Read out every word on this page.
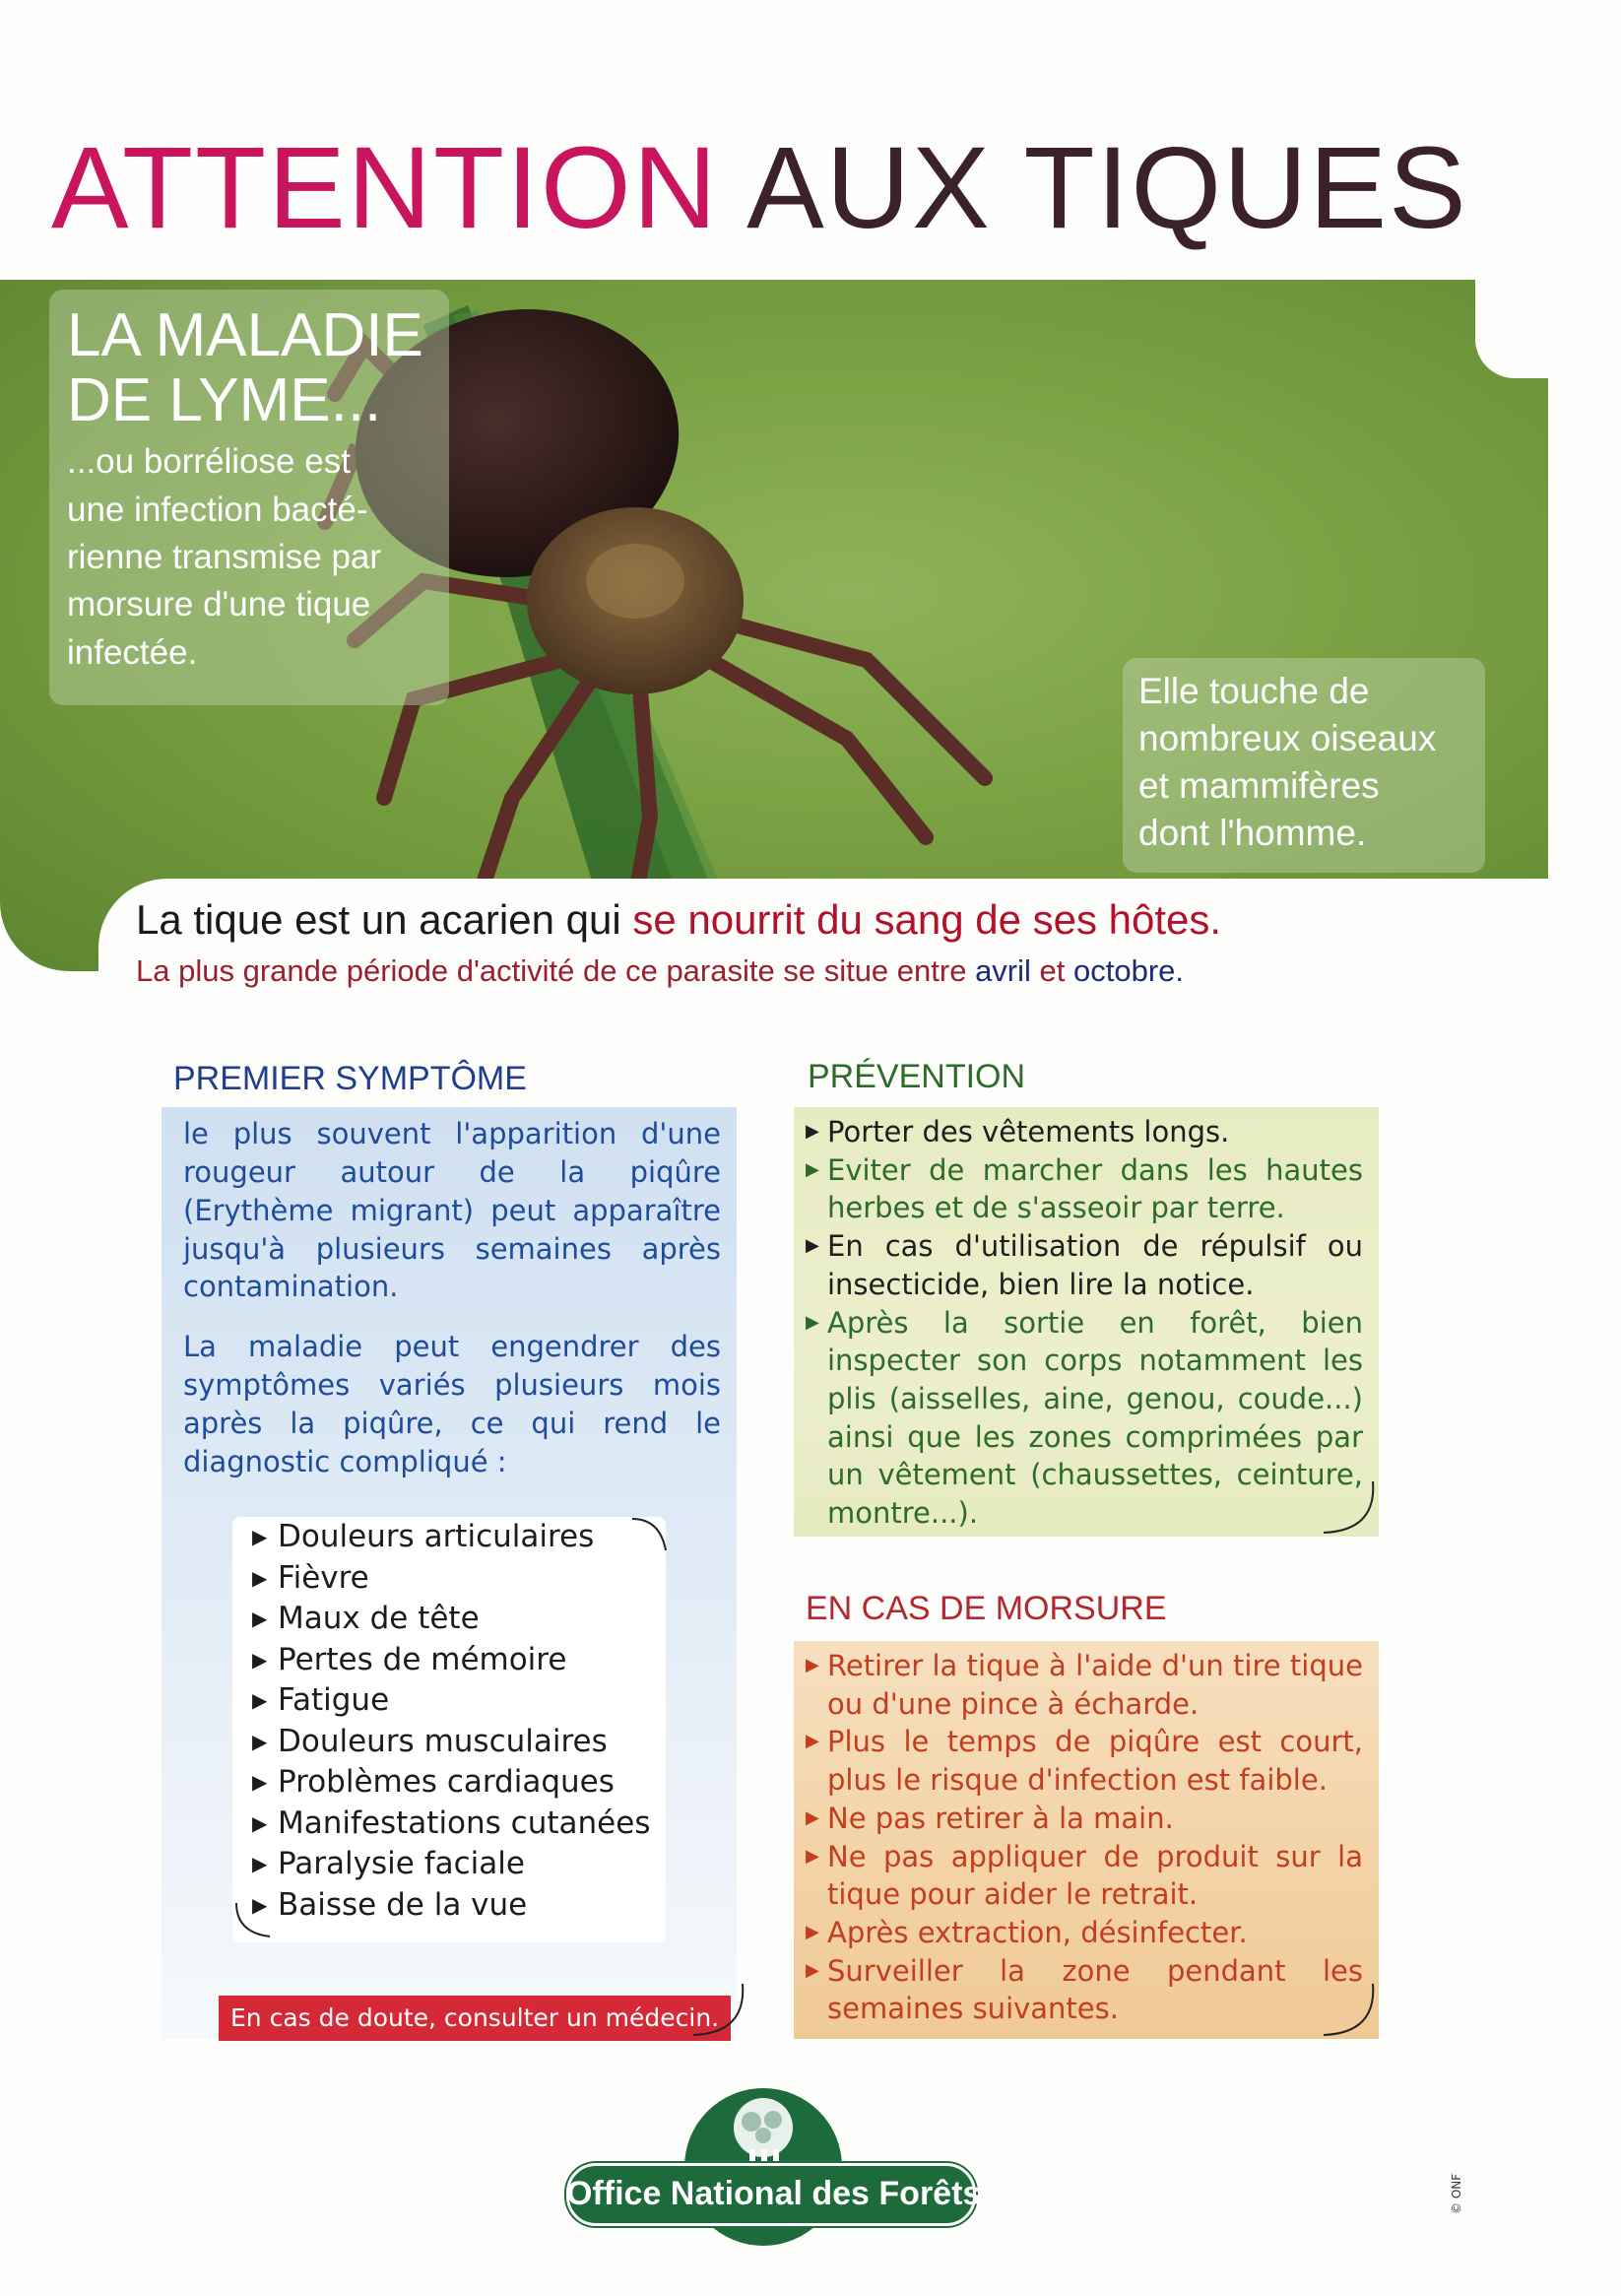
ATTENTION AUX TIQUES
LA MALADIE
DE LYME...

...ou borréliose est
une infection bacté-
rienne transmise par
morsure d'une tique
infectée.

Elle touche de
nombreux oiseaux
et mammifères
dont l'homme.

La tique est un acarien qui se nourrit du sang de ses hôtes.
La plus grande période d'activité de ce parasite se situe entre avril et octobre.
PREMIER SYMPTÔME

le plus souvent l'apparition d'une rougeur autour de la piqûre (Erythème migrant) peut apparaître jusqu'à plusieurs semaines après contamination.

La maladie peut engendrer des symptômes variés plusieurs mois après la piqûre, ce qui rend le diagnostic compliqué :

▶ Douleurs articulaires
▶ Fièvre
▶ Maux de tête
▶ Pertes de mémoire
▶ Fatigue
▶ Douleurs musculaires
▶ Problèmes cardiaques
▶ Manifestations cutanées
▶ Paralysie faciale
▶ Baisse de la vue
En cas de doute, consulter un médecin.
PRÉVENTION
▶ Porter des vêtements longs.
▶ Eviter de marcher dans les hautes herbes et de s'asseoir par terre.
▶ En cas d'utilisation de répulsif ou insecticide, bien lire la notice.
▶ Après la sortie en forêt, bien inspecter son corps notamment les plis (aisselles, aine, genou, coude...) ainsi que les zones comprimées par un vêtement (chaussettes, ceinture, montre...).
EN CAS DE MORSURE
▶ Retirer la tique à l'aide d'un tire tique ou d'une pince à écharde.
▶ Plus le temps de piqûre est court, plus le risque d'infection est faible.
▶ Ne pas retirer à la main.
▶ Ne pas appliquer de produit sur la tique pour aider le retrait.
▶ Après extraction, désinfecter.
▶ Surveiller la zone pendant les semaines suivantes.
Office National des Forêts	© ONF
